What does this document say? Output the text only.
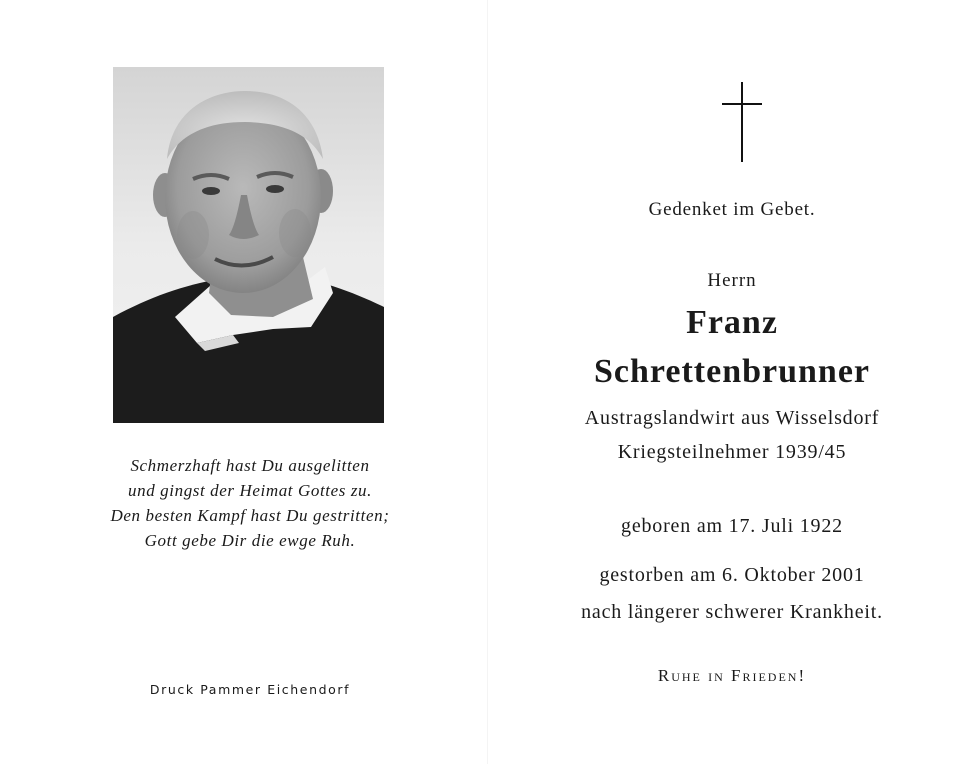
Schmerzhaft hast Du ausgelitten
und gingst der Heimat Gottes zu.
Den besten Kampf hast Du gestritten;
Gott gebe Dir die ewge Ruh.
Druck Pammer Eichendorf
Gedenket im Gebet.
Herrn
Franz
Schrettenbrunner
Austragslandwirt aus Wisselsdorf
Kriegsteilnehmer 1939/45
geboren am 17. Juli 1922
gestorben am 6. Oktober 2001
nach längerer schwerer Krankheit.
Ruhe in Frieden!
